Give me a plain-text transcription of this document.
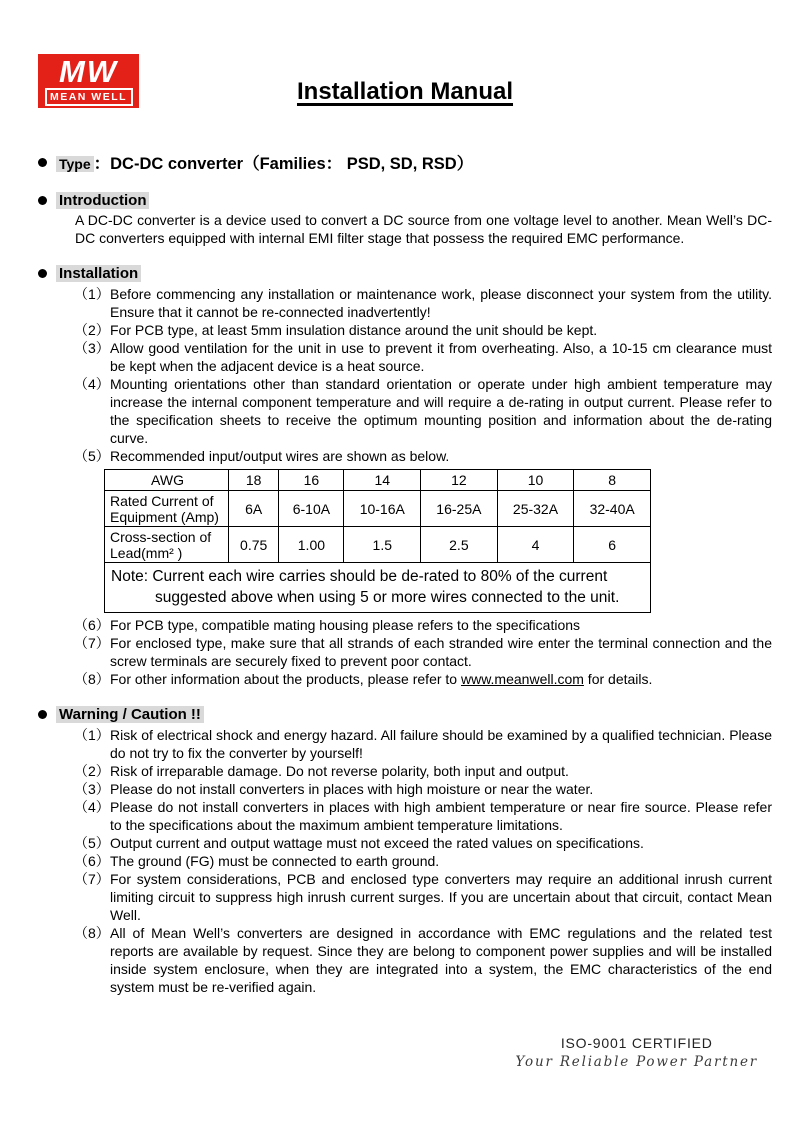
MW
MEAN WELL	Installation Manual
Type ：DC-DC converter（Families： PSD, SD, RSD）
Introduction
A DC-DC converter is a device used to convert a DC source from one voltage level to another. Mean Well’s DC-DC converters equipped with internal EMI filter stage that possess the required EMC performance.
Installation
（1） Before commencing any installation or maintenance work, please disconnect your system from the utility. Ensure that it cannot be re-connected inadvertently!
（2） For PCB type, at least 5mm insulation distance around the unit should be kept.
（3） Allow good ventilation for the unit in use to prevent it from overheating. Also, a 10-15 cm clearance must be kept when the adjacent device is a heat source.
（4） Mounting orientations other than standard orientation or operate under high ambient temperature may increase the internal component temperature and will require a de-rating in output current. Please refer to the specification sheets to receive the optimum mounting position and information about the de-rating curve.
（5） Recommended input/output wires are shown as below.
AWG	18	16	14	12	10	8
Rated Current of Equipment (Amp)	6A	6-10A	10-16A	16-25A	25-32A	32-40A
Cross-section of Lead(mm² )	0.75	1.00	1.5	2.5	4	6

Note: Current each wire carries should be de-rated to 80% of the current
suggested above when using 5 or more wires connected to the unit.						
（6） For PCB type, compatible mating housing please refers to the specifications
（7） For enclosed type, make sure that all strands of each stranded wire enter the terminal connection and the screw terminals are securely fixed to prevent poor contact.
（8） For other information about the products, please refer to www.meanwell.com for details.
Warning / Caution !!
（1） Risk of electrical shock and energy hazard. All failure should be examined by a qualified technician. Please do not try to fix the converter by yourself!
（2） Risk of irreparable damage. Do not reverse polarity, both input and output.
（3） Please do not install converters in places with high moisture or near the water.
（4） Please do not install converters in places with high ambient temperature or near fire source. Please refer to the specifications about the maximum ambient temperature limitations.
（5） Output current and output wattage must not exceed the rated values on specifications.
（6） The ground (FG) must be connected to earth ground.
（7） For system considerations, PCB and enclosed type converters may require an additional inrush current limiting circuit to suppress high inrush current surges. If you are uncertain about that circuit, contact Mean Well.
（8） All of Mean Well’s converters are designed in accordance with EMC regulations and the related test reports are available by request. Since they are belong to component power supplies and will be installed inside system enclosure, when they are integrated into a system, the EMC characteristics of the end system must be re-verified again.
ISO-9001 CERTIFIED
Your Reliable Power Partner
